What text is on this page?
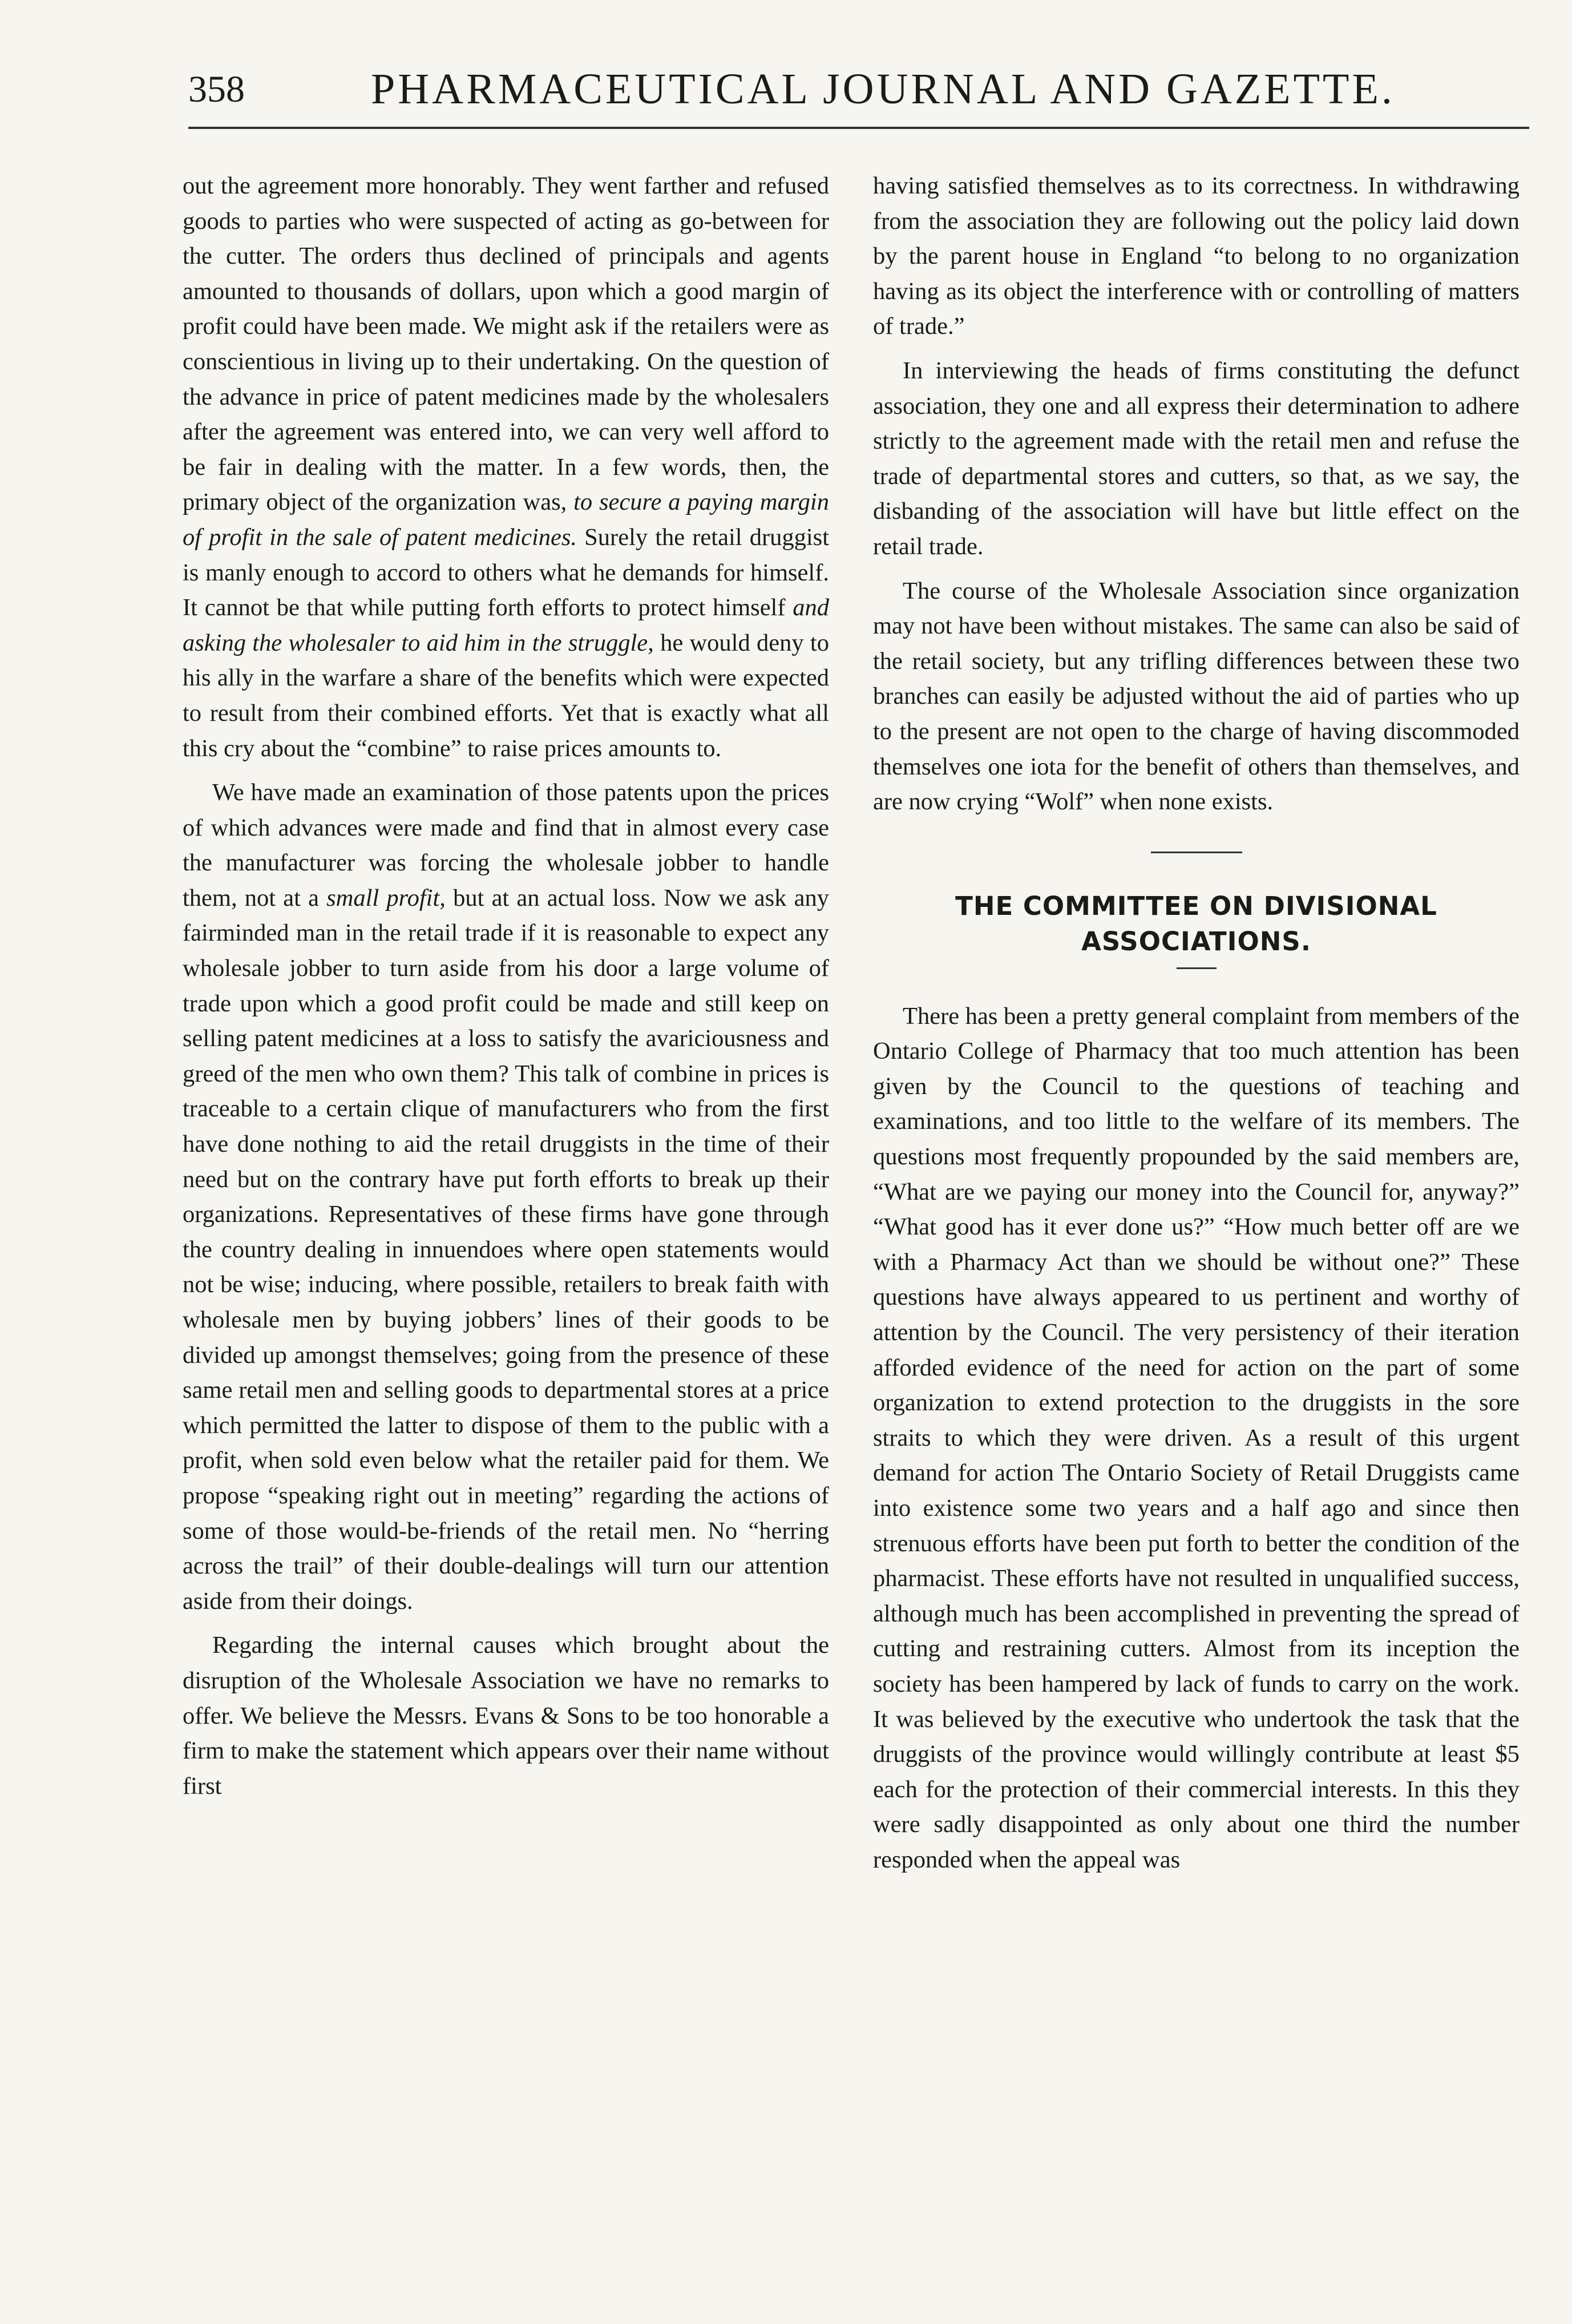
358	PHARMACEUTICAL JOURNAL AND GAZETTE.

out the agreement more honorably. They went farther and refused goods to parties who were suspected of acting as go-between for the cutter. The orders thus declined of principals and agents amounted to thousands of dollars, upon which a good margin of profit could have been made. We might ask if the retailers were as conscientious in living up to their undertaking. On the question of the advance in price of patent medicines made by the wholesalers after the agreement was entered into, we can very well afford to be fair in dealing with the matter. In a few words, then, the primary object of the organization was, to secure a paying margin of profit in the sale of patent medicines. Surely the retail druggist is manly enough to accord to others what he demands for himself. It cannot be that while putting forth efforts to protect himself and asking the wholesaler to aid him in the struggle, he would deny to his ally in the warfare a share of the benefits which were expected to result from their combined efforts. Yet that is exactly what all this cry about the “combine” to raise prices amounts to.

We have made an examination of those patents upon the prices of which advances were made and find that in almost every case the manufacturer was forcing the wholesale jobber to handle them, not at a small profit, but at an actual loss. Now we ask any fairminded man in the retail trade if it is reasonable to expect any wholesale jobber to turn aside from his door a large volume of trade upon which a good profit could be made and still keep on selling patent medicines at a loss to satisfy the avariciousness and greed of the men who own them? This talk of combine in prices is traceable to a certain clique of manufacturers who from the first have done nothing to aid the retail druggists in the time of their need but on the contrary have put forth efforts to break up their organizations. Representatives of these firms have gone through the country dealing in innuendoes where open statements would not be wise; inducing, where possible, retailers to break faith with wholesale men by buying jobbers’ lines of their goods to be divided up amongst themselves; going from the presence of these same retail men and selling goods to departmental stores at a price which permitted the latter to dispose of them to the public with a profit, when sold even below what the retailer paid for them. We propose “speaking right out in meeting” regarding the actions of some of those would-be-friends of the retail men. No “herring across the trail” of their double-dealings will turn our attention aside from their doings.

Regarding the internal causes which brought about the disruption of the Wholesale Association we have no remarks to offer. We believe the Messrs. Evans & Sons to be too honorable a firm to make the statement which appears over their name without first

having satisfied themselves as to its correctness. In withdrawing from the association they are following out the policy laid down by the parent house in England “to belong to no organization having as its object the interference with or controlling of matters of trade.”

In interviewing the heads of firms constituting the defunct association, they one and all express their determination to adhere strictly to the agreement made with the retail men and refuse the trade of departmental stores and cutters, so that, as we say, the disbanding of the association will have but little effect on the retail trade.

The course of the Wholesale Association since organization may not have been without mistakes. The same can also be said of the retail society, but any trifling differences between these two branches can easily be adjusted without the aid of parties who up to the present are not open to the charge of having discommoded themselves one iota for the benefit of others than themselves, and are now crying “Wolf” when none exists.

THE COMMITTEE ON DIVISIONAL ASSOCIATIONS.

There has been a pretty general complaint from members of the Ontario College of Pharmacy that too much attention has been given by the Council to the questions of teaching and examinations, and too little to the welfare of its members. The questions most frequently propounded by the said members are, “What are we paying our money into the Council for, anyway?” “What good has it ever done us?” “How much better off are we with a Pharmacy Act than we should be without one?” These questions have always appeared to us pertinent and worthy of attention by the Council. The very persistency of their iteration afforded evidence of the need for action on the part of some organization to extend protection to the druggists in the sore straits to which they were driven. As a result of this urgent demand for action The Ontario Society of Retail Druggists came into existence some two years and a half ago and since then strenuous efforts have been put forth to better the condition of the pharmacist. These efforts have not resulted in unqualified success, although much has been accomplished in preventing the spread of cutting and restraining cutters. Almost from its inception the society has been hampered by lack of funds to carry on the work. It was believed by the executive who undertook the task that the druggists of the province would willingly contribute at least $5 each for the protection of their commercial interests. In this they were sadly disappointed as only about one third the number responded when the appeal was
